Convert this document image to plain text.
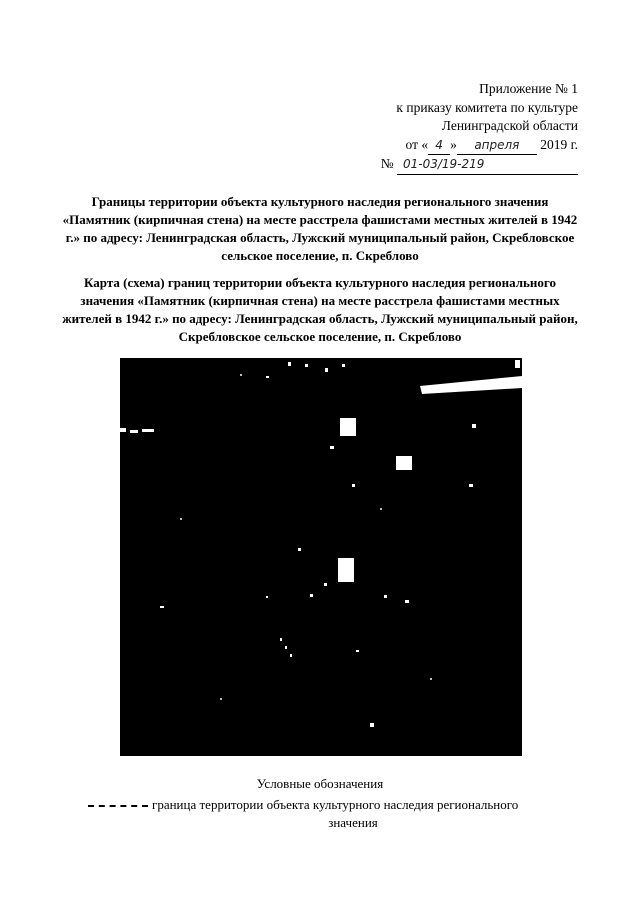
Приложение № 1
к приказу комитета по культуре
Ленинградской области
от « 4 » апреля 2019 г.
№ 01-03/19-219
Границы территории объекта культурного наследия регионального значения «Памятник (кирпичная стена) на месте расстрела фашистами местных жителей в 1942 г.» по адресу: Ленинградская область, Лужский муниципальный район, Скребловское сельское поселение, п. Скреблово
Карта (схема) границ территории объекта культурного наследия регионального значения «Памятник (кирпичная стена) на месте расстрела фашистами местных жителей в 1942 г.» по адресу: Ленинградская область, Лужский муниципальный район, Скребловское сельское поселение, п. Скреблово
Условные обозначения
граница территории объекта культурного наследия регионального
значения
